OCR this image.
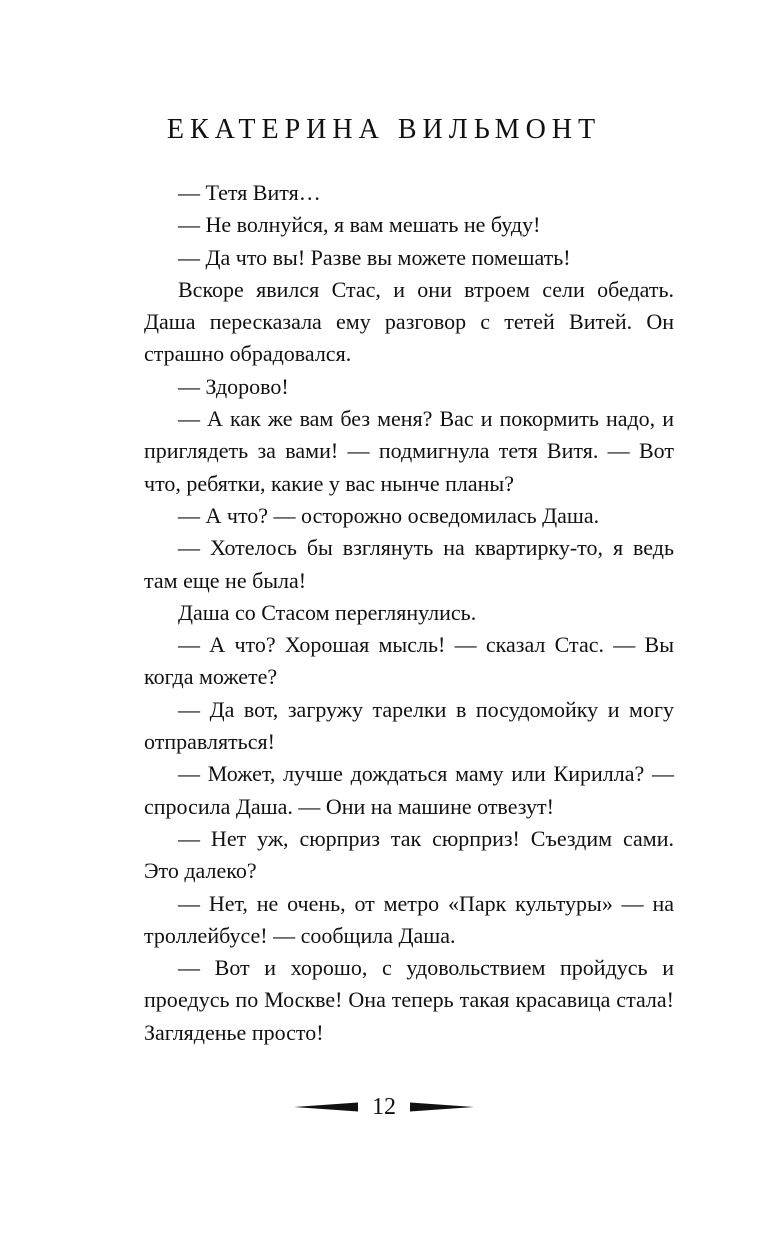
ЕКАТЕРИНА ВИЛЬМОНТ

— Тетя Витя…

— Не волнуйся, я вам мешать не буду!

— Да что вы! Разве вы можете помешать!

Вскоре явился Стас, и они втроем сели обедать. Даша пересказала ему разговор с тетей Витей. Он страшно обрадовался.

— Здорово!

— А как же вам без меня? Вас и покормить надо, и приглядеть за вами! — подмигнула тетя Витя. — Вот что, ребятки, какие у вас нынче планы?

— А что? — осторожно осведомилась Даша.

— Хотелось бы взглянуть на квартирку-то, я ведь там еще не была!

Даша со Стасом переглянулись.

— А что? Хорошая мысль! — сказал Стас. — Вы когда можете?

— Да вот, загружу тарелки в посудомойку и могу отправляться!

— Может, лучше дождаться маму или Кириллa? — спросила Даша. — Они на машине отвезут!

— Нет уж, сюрприз так сюрприз! Съездим сами. Это далеко?

— Нет, не очень, от метро «Парк культуры» — на троллейбусе! — сообщила Даша.

— Вот и хорошо, с удовольствием пройдусь и проедусь по Москве! Она теперь такая красавица стала! Загляденье просто!

12
